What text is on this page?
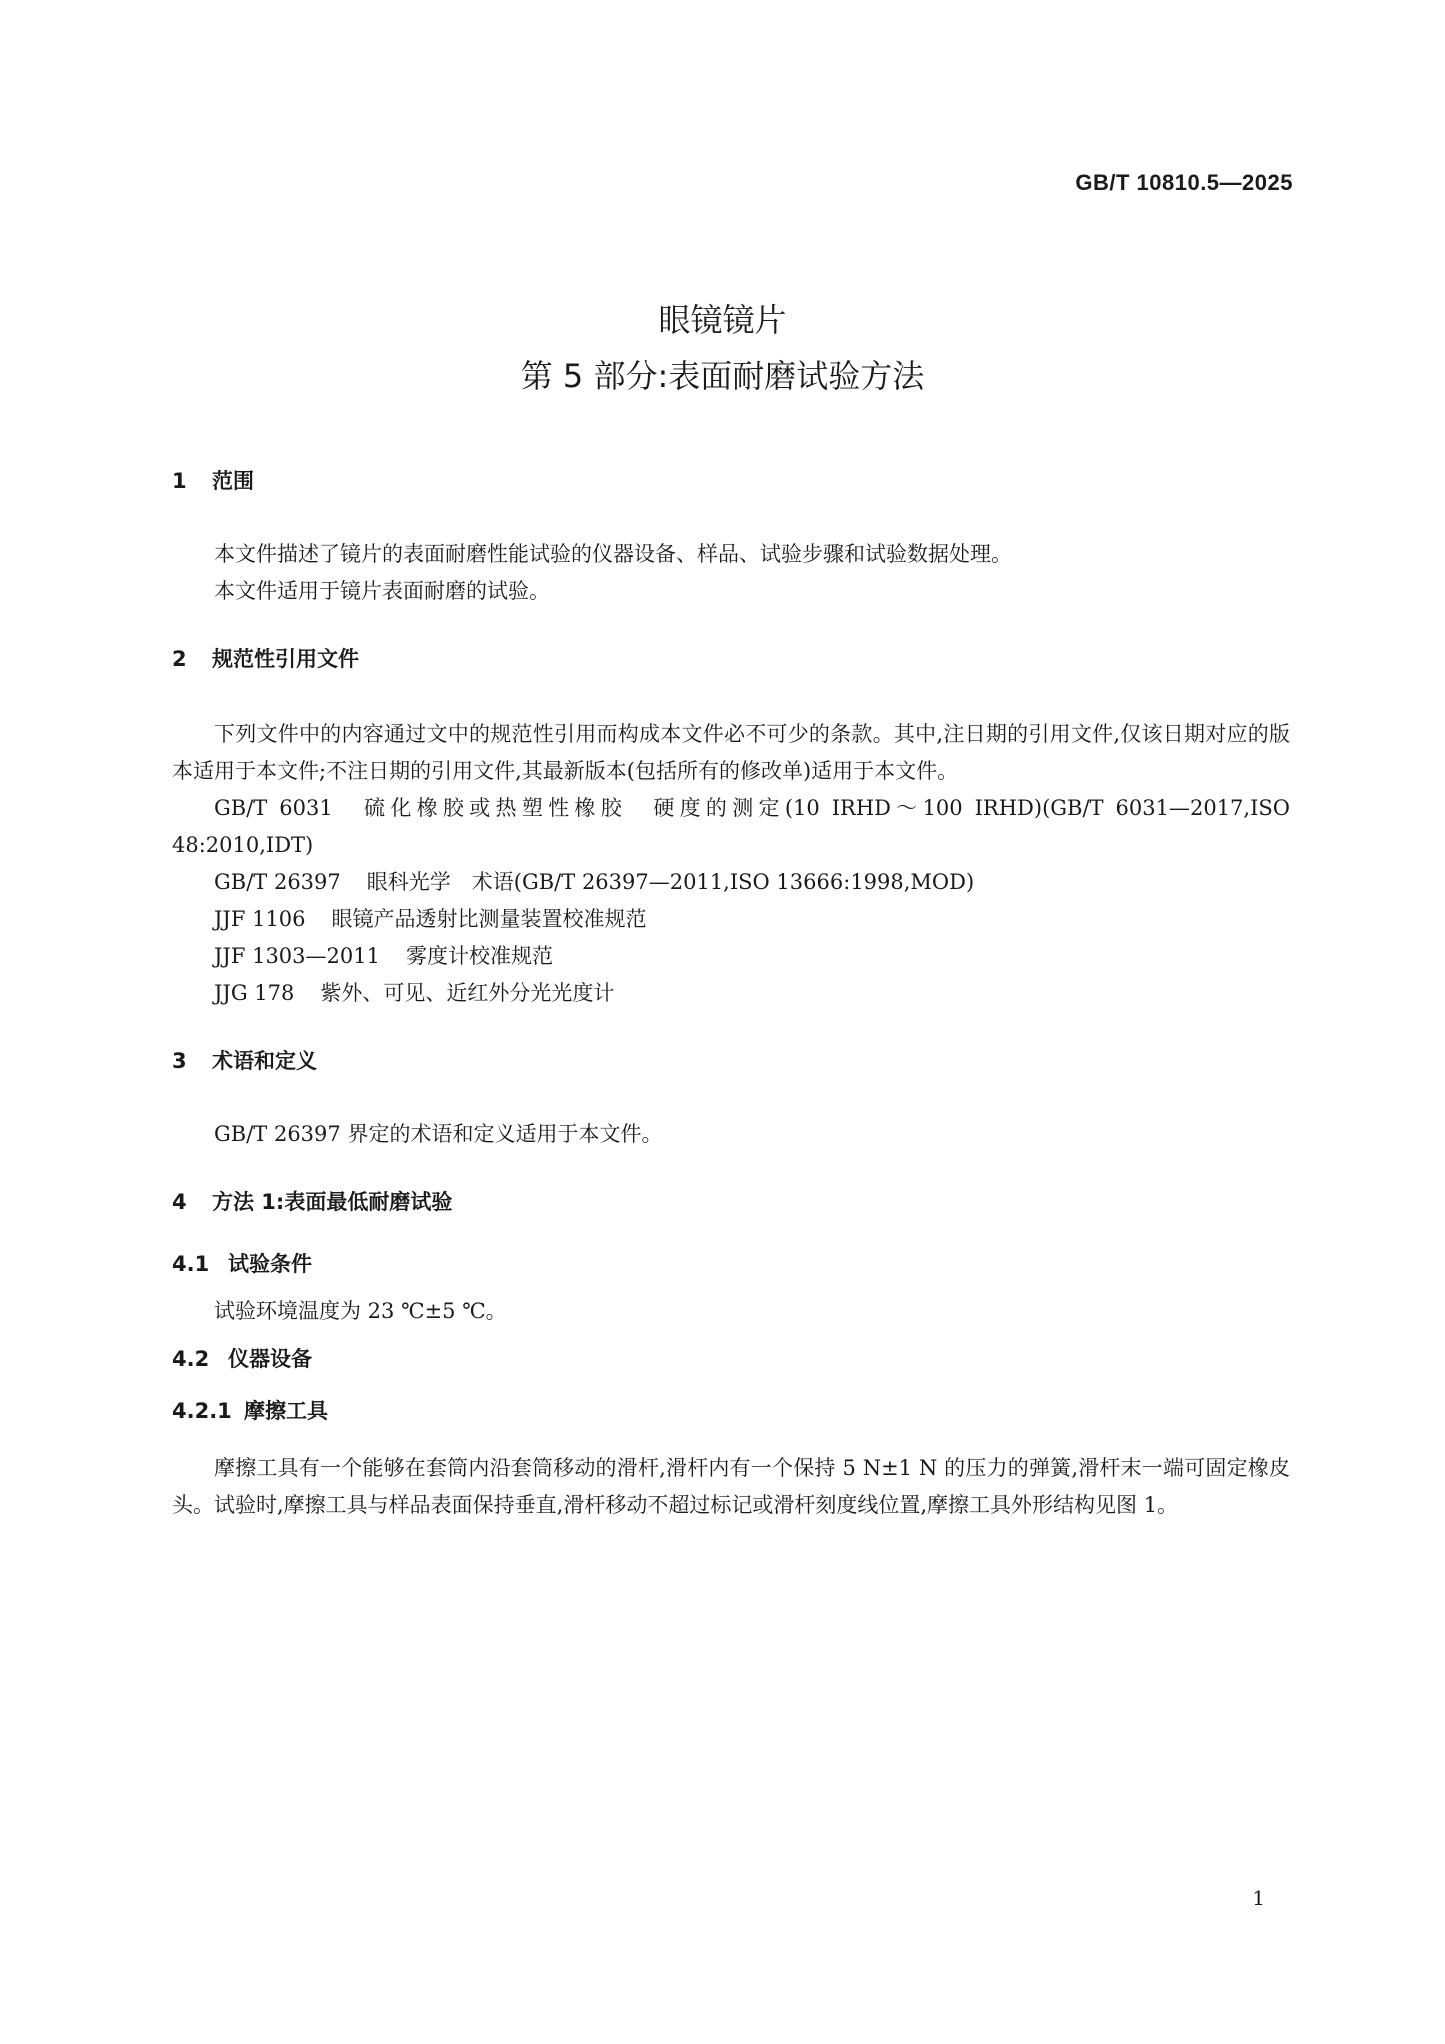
GB/T 10810.5—2025
眼镜镜片
第 5 部分:表面耐磨试验方法
1 范围

本文件描述了镜片的表面耐磨性能试验的仪器设备、样品、试验步骤和试验数据处理。

本文件适用于镜片表面耐磨的试验。

2 规范性引用文件

下列文件中的内容通过文中的规范性引用而构成本文件必不可少的条款。其中,注日期的引用文件,仅该日期对应的版本适用于本文件;不注日期的引用文件,其最新版本(包括所有的修改单)适用于本文件。

GB/T 6031 硫化橡胶或热塑性橡胶　硬度的测定(10 IRHD～100 IRHD)(GB/T 6031—2017,ISO 48:2010,IDT)

GB/T 26397 眼科光学　术语(GB/T 26397—2011,ISO 13666:1998,MOD)

JJF 1106 眼镜产品透射比测量装置校准规范

JJF 1303—2011 雾度计校准规范

JJG 178 紫外、可见、近红外分光光度计

3 术语和定义

GB/T 26397 界定的术语和定义适用于本文件。

4 方法 1:表面最低耐磨试验
4.1 试验条件

试验环境温度为 23 ℃±5 ℃。

4.2 仪器设备
4.2.1 摩擦工具

摩擦工具有一个能够在套筒内沿套筒移动的滑杆,滑杆内有一个保持 5 N±1 N 的压力的弹簧,滑杆末一端可固定橡皮头。试验时,摩擦工具与样品表面保持垂直,滑杆移动不超过标记或滑杆刻度线位置,摩擦工具外形结构见图 1。

1
